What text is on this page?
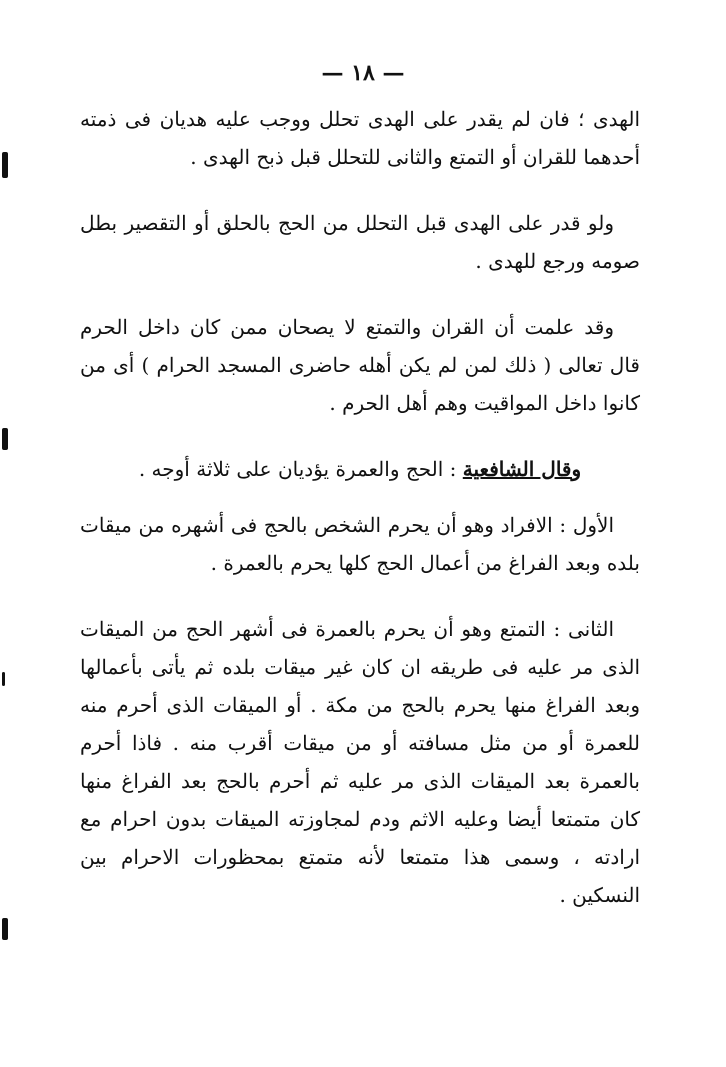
— ١٨ —

الهدى ؛ فان لم يقدر على الهدى تحلل ووجب عليه هديان فى ذمته أحدهما للقران أو التمتع والثانى للتحلل قبل ذبح الهدى .

ولو قدر على الهدى قبل التحلل من الحج بالحلق أو التقصير بطل صومه ورجع للهدى .

وقد علمت أن القران والتمتع لا يصحان ممن كان داخل الحرم قال تعالى ( ذلك لمن لم يكن أهله حاضرى المسجد الحرام ) أى من كانوا داخل المواقيت وهم أهل الحرم .

وقال الشافعية : الحج والعمرة يؤديان على ثلاثة أوجه .

الأول : الافراد وهو أن يحرم الشخص بالحج فى أشهره من ميقات بلده وبعد الفراغ من أعمال الحج كلها يحرم بالعمرة .

الثانى : التمتع وهو أن يحرم بالعمرة فى أشهر الحج من الميقات الذى مر عليه فى طريقه ان كان غير ميقات بلده ثم يأتى بأعمالها وبعد الفراغ منها يحرم بالحج من مكة . أو الميقات الذى أحرم منه للعمرة أو من مثل مسافته أو من ميقات أقرب منه . فاذا أحرم بالعمرة بعد الميقات الذى مر عليه ثم أحرم بالحج بعد الفراغ منها كان متمتعا أيضا وعليه الاثم ودم لمجاوزته الميقات بدون احرام مع ارادته ، وسمى هذا متمتعا لأنه متمتع بمحظورات الاحرام بين النسكين .
